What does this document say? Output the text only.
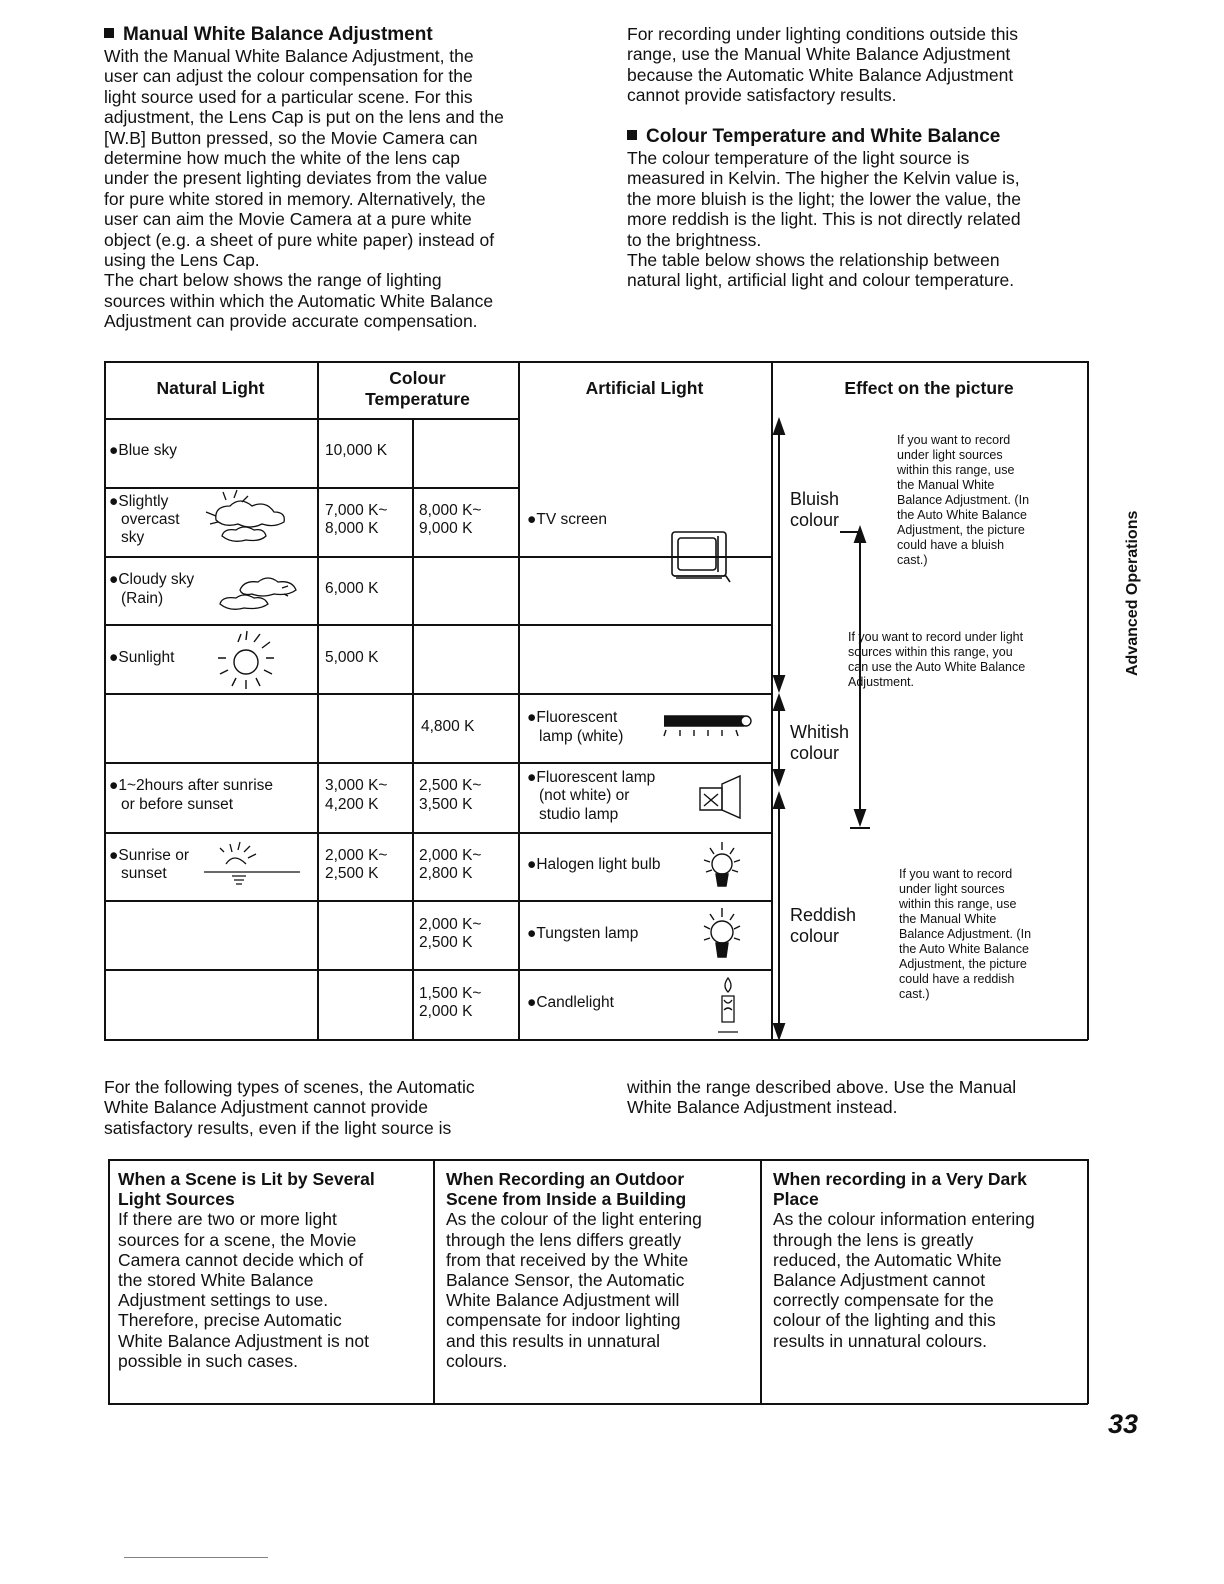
Manual White Balance Adjustment
With the Manual White Balance Adjustment, the
user can adjust the colour compensation for the
light source used for a particular scene. For this
adjustment, the Lens Cap is put on the lens and the
[W.B] Button pressed, so the Movie Camera can
determine how much the white of the lens cap
under the present lighting deviates from the value
for pure white stored in memory. Alternatively, the
user can aim the Movie Camera at a pure white
object (e.g. a sheet of pure white paper) instead of
using the Lens Cap.
The chart below shows the range of lighting
sources within which the Automatic White Balance
Adjustment can provide accurate compensation.
For recording under lighting conditions outside this
range, use the Manual White Balance Adjustment
because the Automatic White Balance Adjustment
cannot provide satisfactory results.
Colour Temperature and White Balance
The colour temperature of the light source is
measured in Kelvin. The higher the Kelvin value is,
the more bluish is the light; the lower the value, the
more reddish is the light. This is not directly related
to the brightness.
The table below shows the relationship between
natural light, artificial light and colour temperature.
Natural Light	Colour
Temperature
Artificial Light	Effect on the picture
●Blue sky
●Slightly
overcast
sky
●Cloudy sky
(Rain)
●Sunlight
●1~2hours after sunrise
or before sunset
●Sunrise or
sunset
10,000 K
7,000 K~
8,000 K
6,000 K
5,000 K
3,000 K~
4,200 K
2,000 K~
2,500 K
8,000 K~
9,000 K
4,800 K
2,500 K~
3,500 K
2,000 K~
2,800 K
2,000 K~
2,500 K
1,500 K~
2,000 K
●TV screen
●Fluorescent
lamp (white)
●Fluorescent lamp
(not white) or
studio lamp
●Halogen light bulb
●Tungsten lamp
●Candlelight
Bluish
colour
Whitish
colour
Reddish
colour
If you want to record
under light sources
within this range, use
the Manual White
Balance Adjustment. (In
the Auto White Balance
Adjustment, the picture
could have a bluish
cast.)
If you want to record under light
sources within this range, you
can use the Auto White Balance
Adjustment.
If you want to record
under light sources
within this range, use
the Manual White
Balance Adjustment. (In
the Auto White Balance
Adjustment, the picture
could have a reddish
cast.)
For the following types of scenes, the Automatic
White Balance Adjustment cannot provide
satisfactory results, even if the light source is
within the range described above. Use the Manual
White Balance Adjustment instead.
When a Scene is Lit by Several
Light Sources
If there are two or more light
sources for a scene, the Movie
Camera cannot decide which of
the stored White Balance
Adjustment settings to use.
Therefore, precise Automatic
White Balance Adjustment is not
possible in such cases.
When Recording an Outdoor
Scene from Inside a Building
As the colour of the light entering
through the lens differs greatly
from that received by the White
Balance Sensor, the Automatic
White Balance Adjustment will
compensate for indoor lighting
and this results in unnatural
colours.
When recording in a Very Dark
Place
As the colour information entering
through the lens is greatly
reduced, the Automatic White
Balance Adjustment cannot
correctly compensate for the
colour of the lighting and this
results in unnatural colours.
Advanced Operations
33
